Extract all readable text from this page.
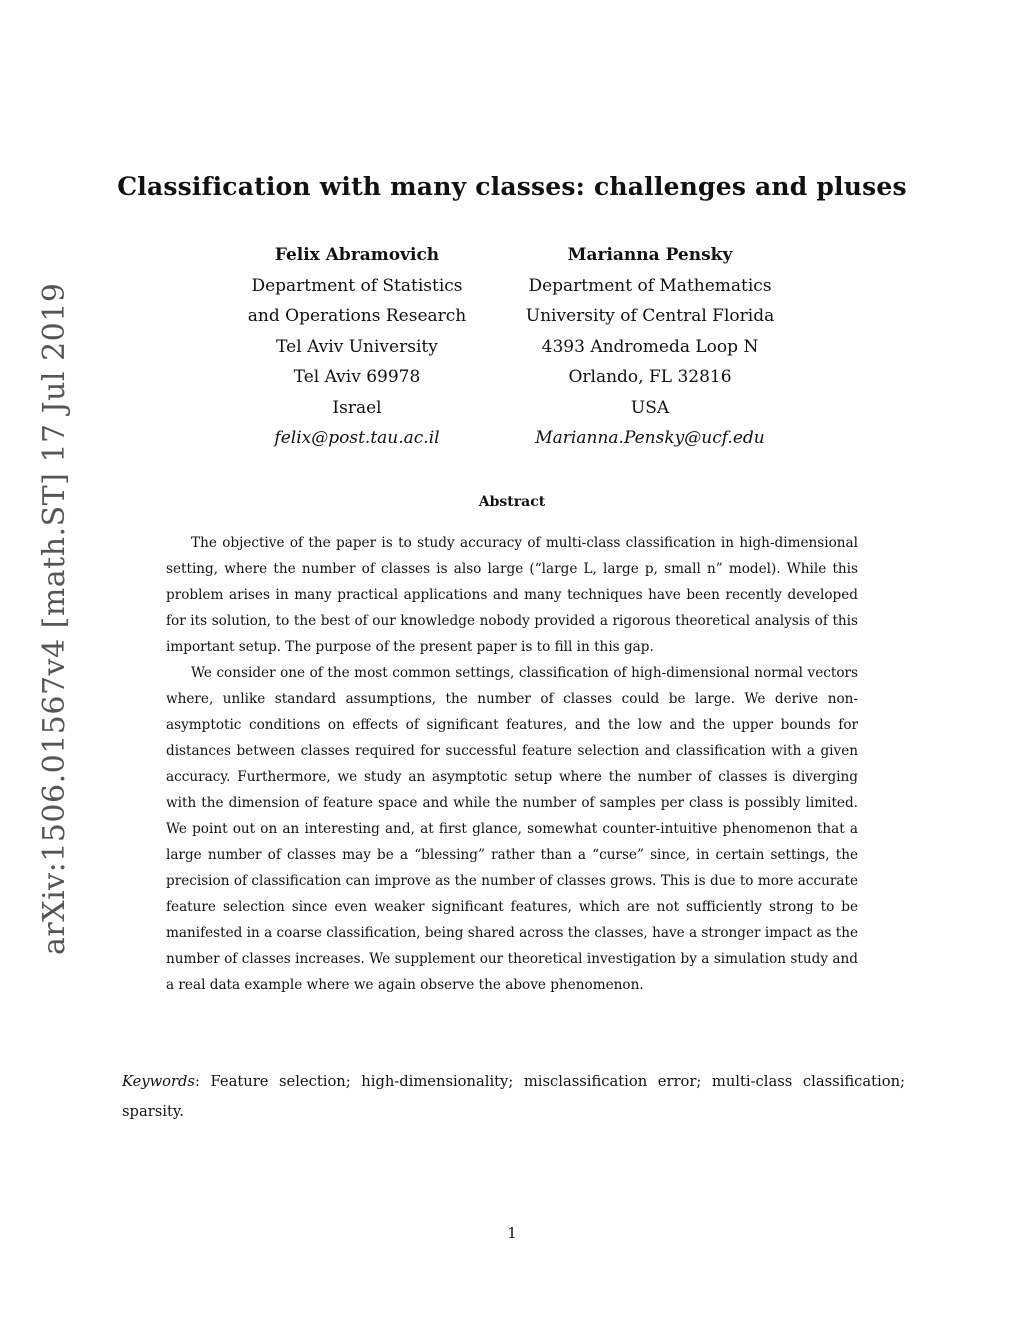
arXiv:1506.01567v4 [math.ST] 17 Jul 2019
Classification with many classes: challenges and pluses
Felix Abramovich
Department of Statistics
and Operations Research
Tel Aviv University
Tel Aviv 69978
Israel
felix@post.tau.ac.il
Marianna Pensky
Department of Mathematics
University of Central Florida
4393 Andromeda Loop N
Orlando, FL 32816
USA
Marianna.Pensky@ucf.edu
Abstract

The objective of the paper is to study accuracy of multi-class classification in high-dimensional setting, where the number of classes is also large (“large L, large p, small n” model). While this problem arises in many practical applications and many techniques have been recently developed for its solution, to the best of our knowledge nobody provided a rigorous theoretical analysis of this important setup. The purpose of the present paper is to fill in this gap.

We consider one of the most common settings, classification of high-dimensional normal vectors where, unlike standard assumptions, the number of classes could be large. We derive non-asymptotic conditions on effects of significant features, and the low and the upper bounds for distances between classes required for successful feature selection and classification with a given accuracy. Furthermore, we study an asymptotic setup where the number of classes is diverging with the dimension of feature space and while the number of samples per class is possibly limited. We point out on an interesting and, at first glance, somewhat counter-intuitive phenomenon that a large number of classes may be a “blessing” rather than a “curse” since, in certain settings, the precision of classification can improve as the number of classes grows. This is due to more accurate feature selection since even weaker significant features, which are not sufficiently strong to be manifested in a coarse classification, being shared across the classes, have a stronger impact as the number of classes increases. We supplement our theoretical investigation by a simulation study and a real data example where we again observe the above phenomenon.

Keywords: Feature selection; high-dimensionality; misclassification error; multi-class classification; sparsity.
1
